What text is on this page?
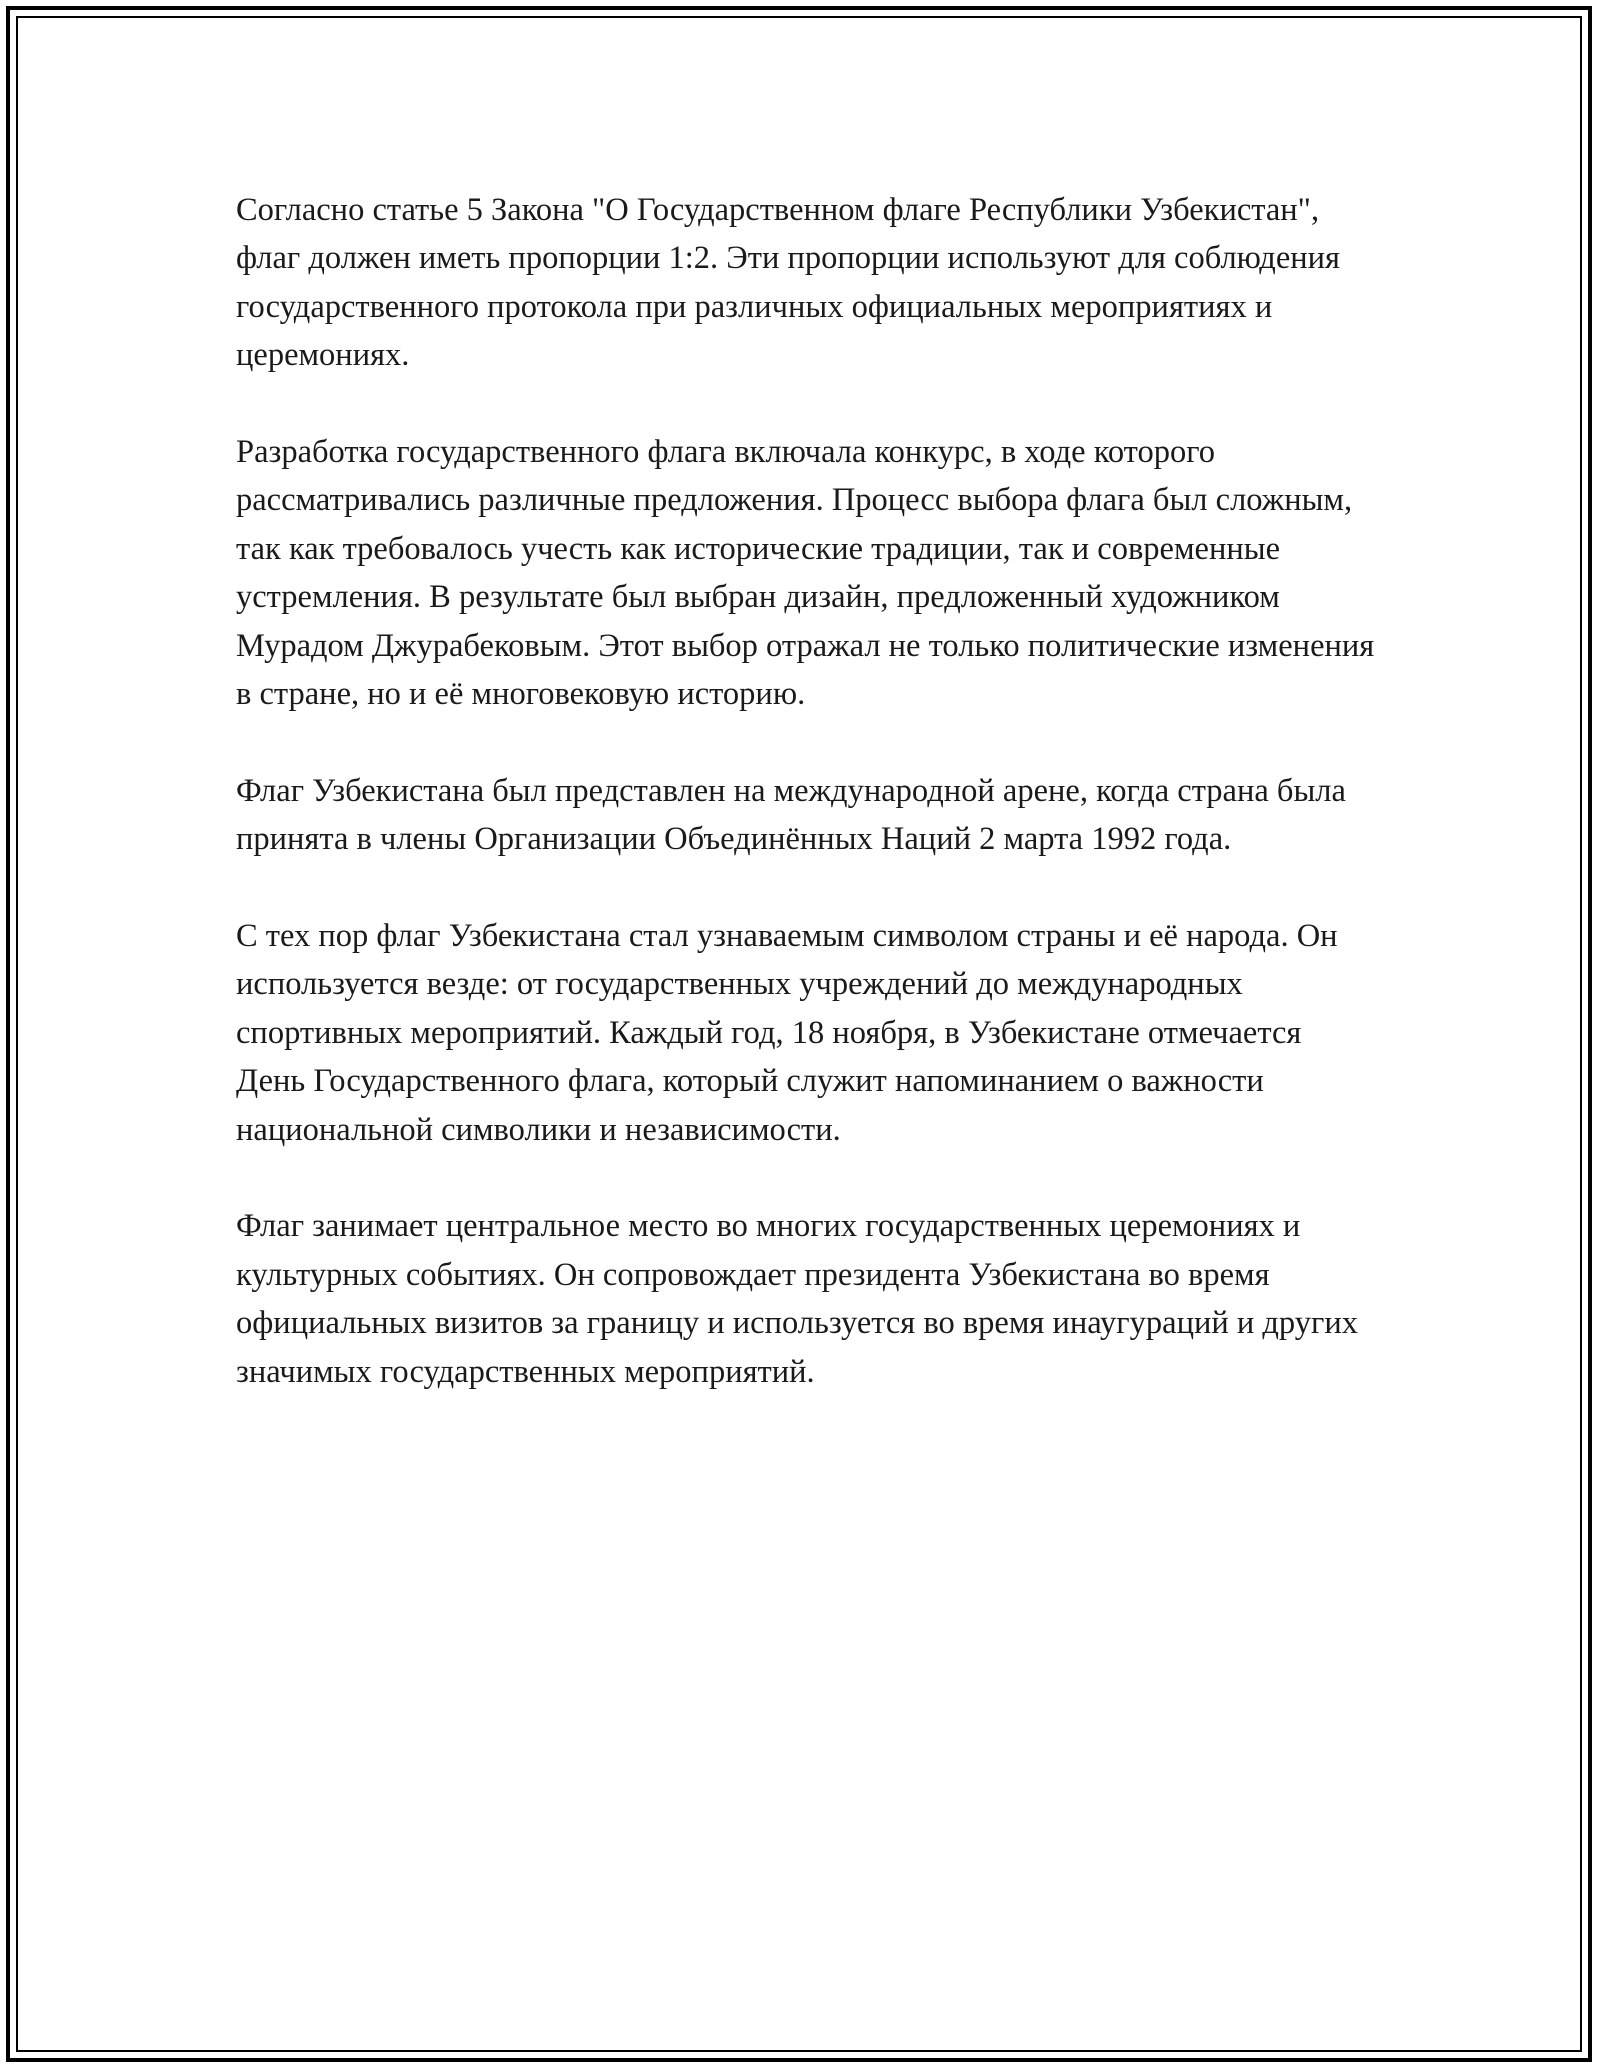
Согласно статье 5 Закона "О Государственном флаге Республики Узбекистан", флаг должен иметь пропорции 1:2. Эти пропорции используют для соблюдения государственного протокола при различных официальных мероприятиях и церемониях.

Разработка государственного флага включала конкурс, в ходе которого рассматривались различные предложения. Процесс выбора флага был сложным, так как требовалось учесть как исторические традиции, так и современные устремления. В результате был выбран дизайн, предложенный художником Мурадом Джурабековым. Этот выбор отражал не только политические изменения в стране, но и её многовековую историю.

Флаг Узбекистана был представлен на международной арене, когда страна была принята в члены Организации Объединённых Наций 2 марта 1992 года.

С тех пор флаг Узбекистана стал узнаваемым символом страны и её народа. Он используется везде: от государственных учреждений до международных спортивных мероприятий. Каждый год, 18 ноября, в Узбекистане отмечается День Государственного флага, который служит напоминанием о важности национальной символики и независимости.

Флаг занимает центральное место во многих государственных церемониях и культурных событиях. Он сопровождает президента Узбекистана во время официальных визитов за границу и используется во время инаугураций и других значимых государственных мероприятий.
